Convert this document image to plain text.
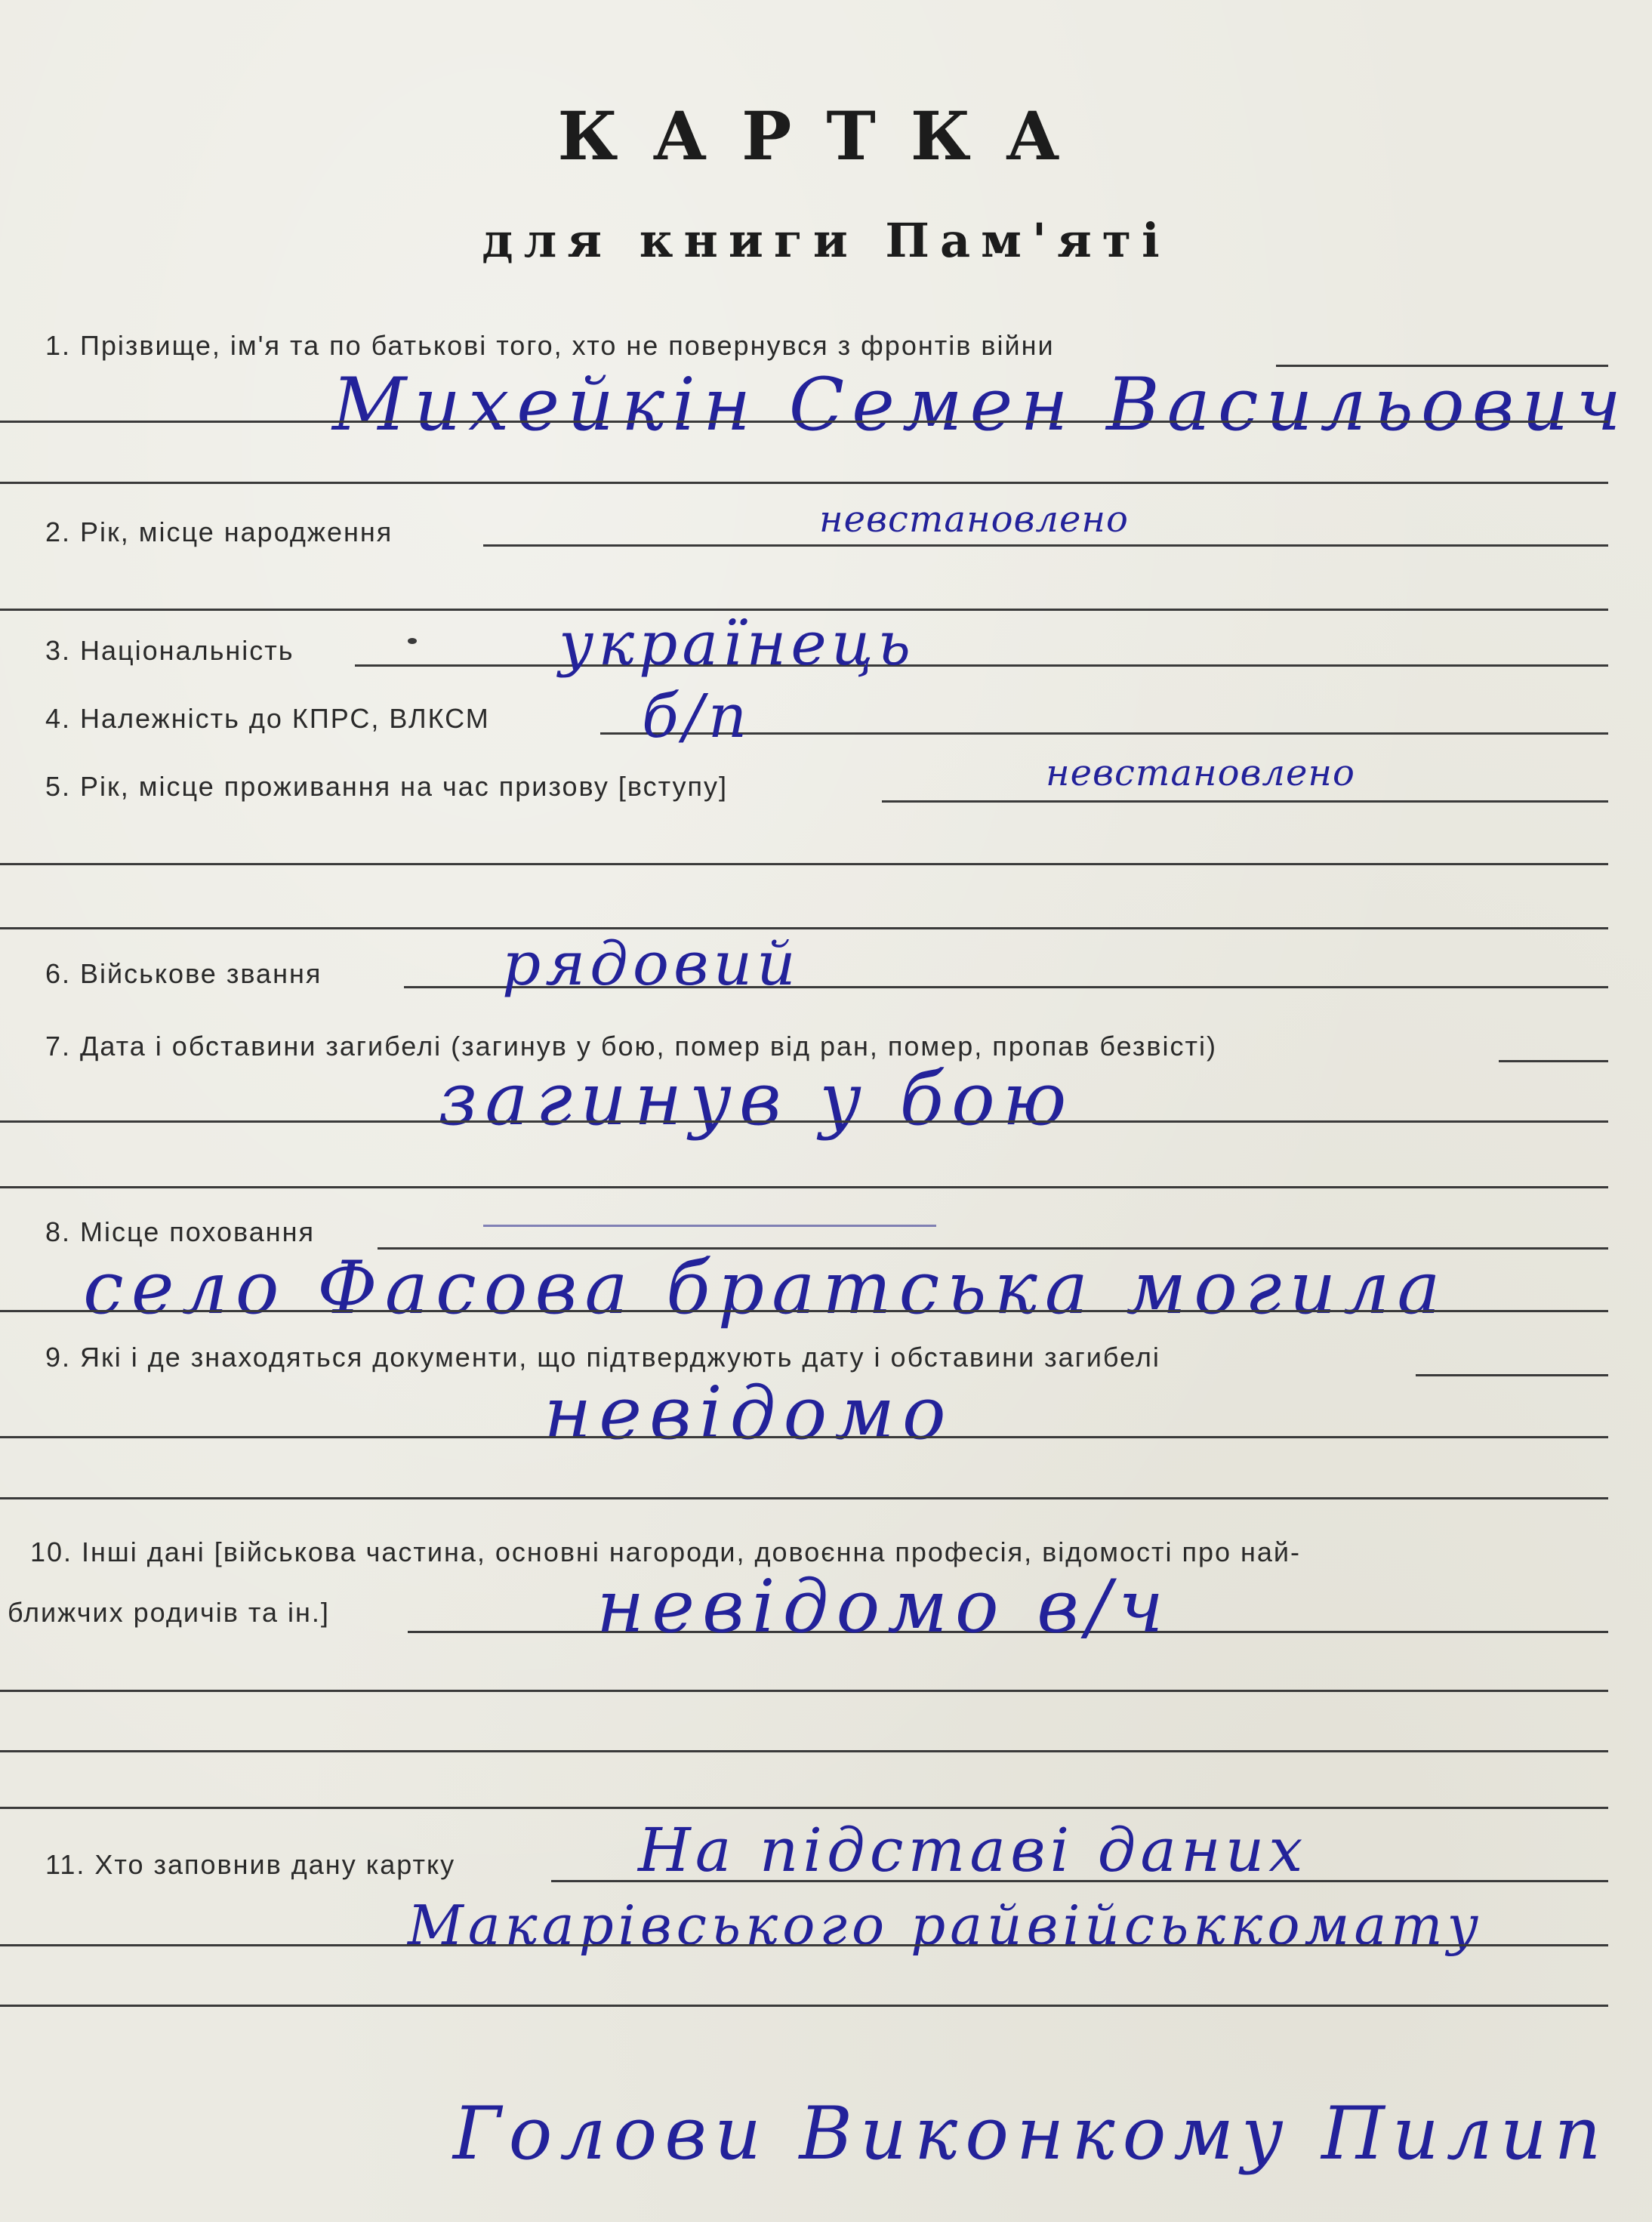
КАРТКА
для книги Пам'яті
1. Прізвище, ім'я та по батькові того, хто не повернувся з фронтів війни
Михейкін Семен Васильович
2. Рік, місце народження	невстановлено
3. Національність	українець
4. Належність до КПРС, ВЛКСМ	б/п
5. Рік, місце проживання на час призову [вступу]	невстановлено
6. Військове звання	рядовий
7. Дата і обставини загибелі (загинув у бою, помер від ран, помер, пропав безвісті)
загинув у бою
8. Місце поховання
село Фасова братська могила
9. Які і де знаходяться документи, що підтверджують дату і обставини загибелі
невідомо
10. Інші дані [військова частина, основні нагороди, довоєнна професія, відомості про най-
ближчих родичів та ін.]	невідомо в/ч
11. Хто заповнив дану картку	На підставі даних
Макарівського райвійськкомату
Голови Виконкому Пилип
